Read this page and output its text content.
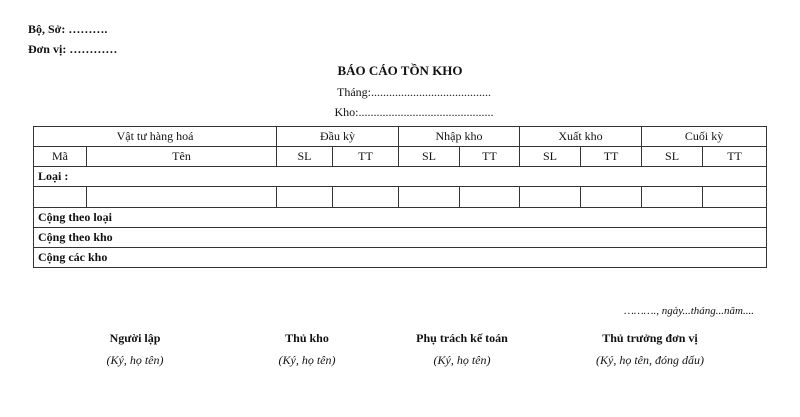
Bộ, Sở: ……….
Đơn vị: …………
BÁO CÁO TỒN KHO
Tháng:........................................
Kho:.............................................
Vật tư hàng hoá		Đầu kỳ		Nhập kho		Xuất kho		Cuối kỳ	
Mã	Tên	SL	TT	SL	TT	SL	TT	SL	TT
Loại :									

Cộng theo loại									
Cộng theo kho									
Cộng các kho									
………., ngày...tháng...năm....
Người lập
(Ký, họ tên)
Thủ kho
(Ký, họ tên)
Phụ trách kế toán
(Ký, họ tên)
Thủ trưởng đơn vị
(Ký, họ tên, đóng dấu)
